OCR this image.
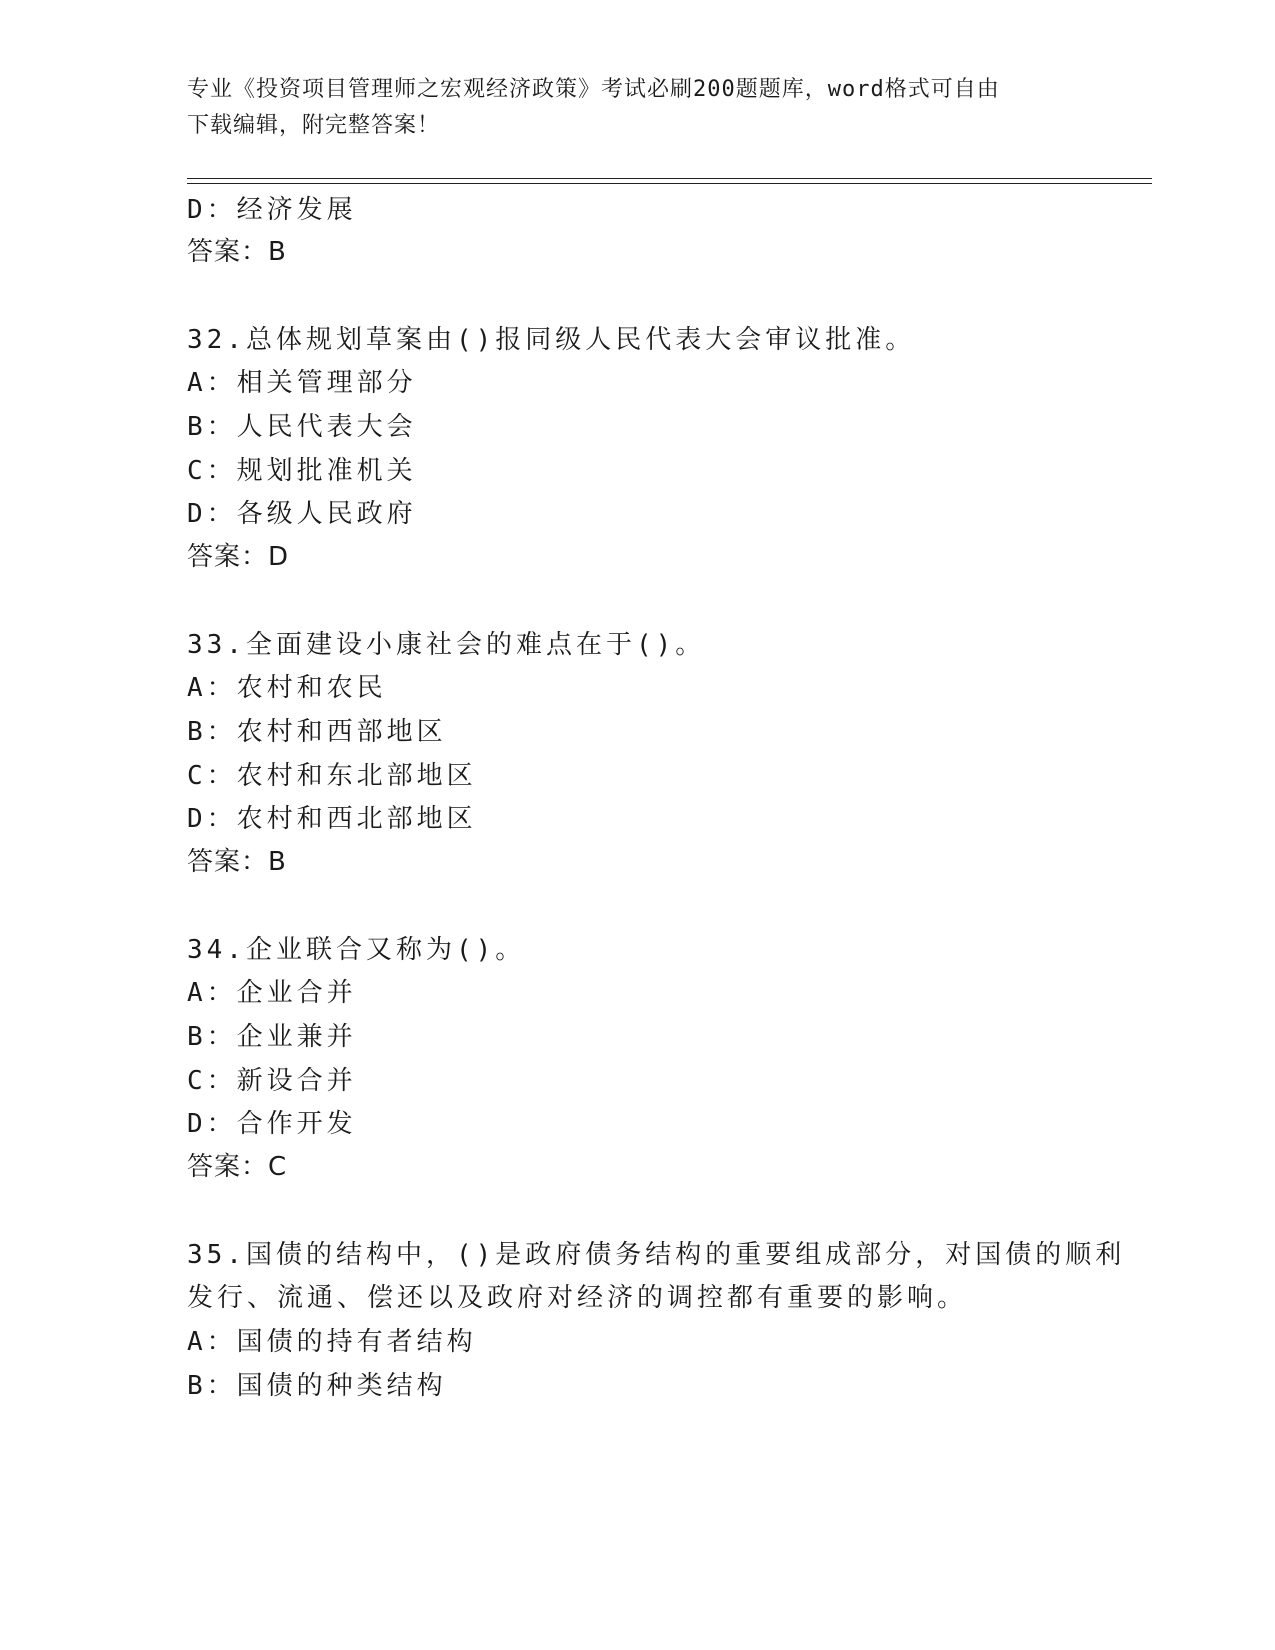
专业《投资项目管理师之宏观经济政策》考试必刷200题题库，word格式可自由
下载编辑，附完整答案！
D：经济发展
答案：B
32.总体规划草案由()报同级人民代表大会审议批准。
A：相关管理部分
B：人民代表大会
C：规划批准机关
D：各级人民政府
答案：D
33.全面建设小康社会的难点在于()。
A：农村和农民
B：农村和西部地区
C：农村和东北部地区
D：农村和西北部地区
答案：B
34.企业联合又称为()。
A：企业合并
B：企业兼并
C：新设合并
D：合作开发
答案：C
35.国债的结构中，()是政府债务结构的重要组成部分，对国债的顺利
发行、流通、偿还以及政府对经济的调控都有重要的影响。
A：国债的持有者结构
B：国债的种类结构
